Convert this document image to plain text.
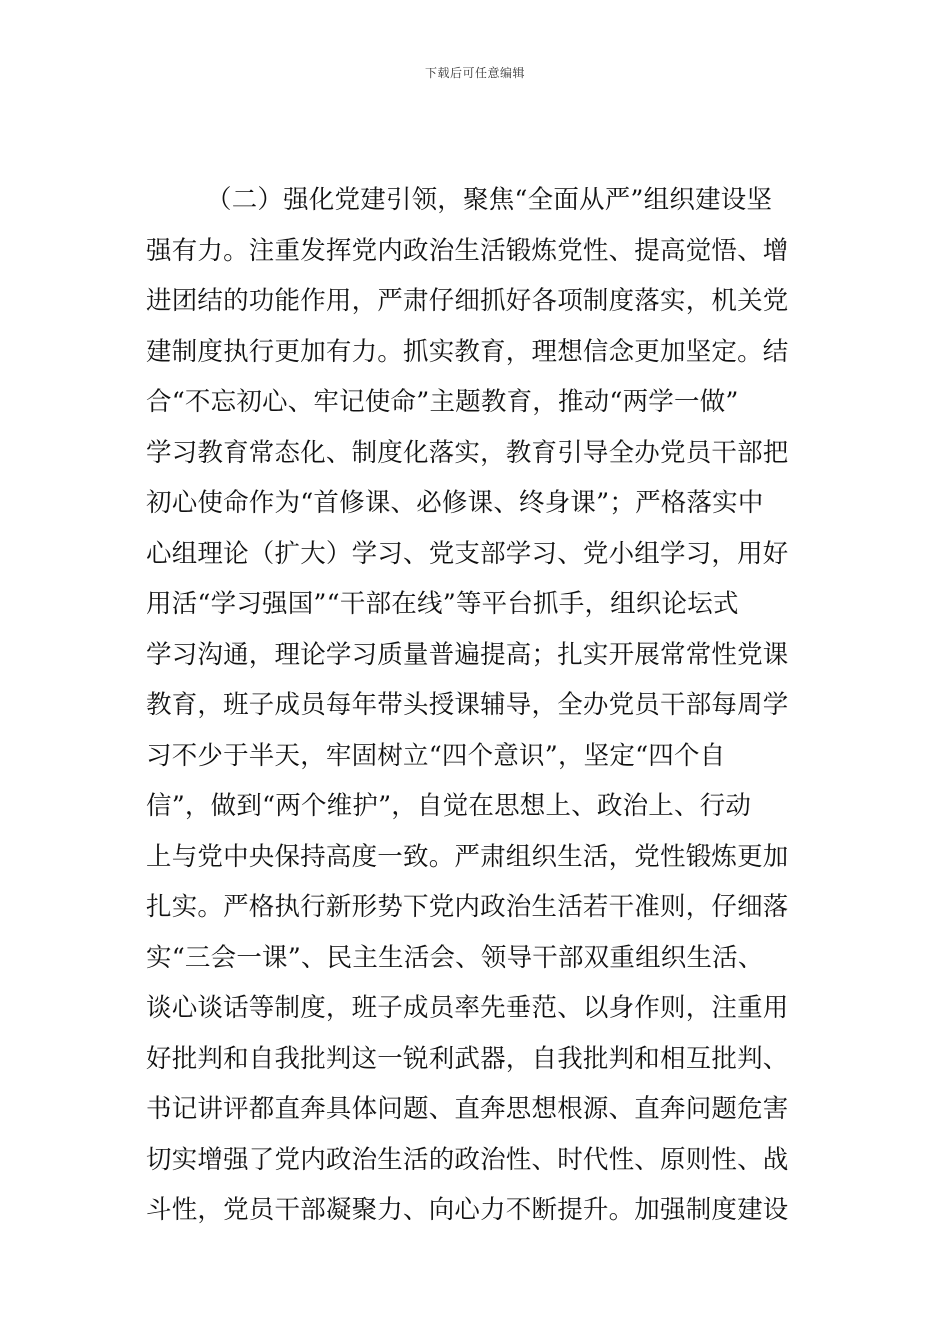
下载后可任意编辑
（二）强化党建引领，聚焦“全面从严”组织建设坚
强有力。注重发挥党内政治生活锻炼党性、提高觉悟、增
进团结的功能作用，严肃仔细抓好各项制度落实，机关党
建制度执行更加有力。抓实教育，理想信念更加坚定。结
合“不忘初心、牢记使命”主题教育，推动“两学一做”
学习教育常态化、制度化落实，教育引导全办党员干部把
初心使命作为“首修课、必修课、终身课”；严格落实中
心组理论（扩大）学习、党支部学习、党小组学习，用好
用活“学习强国”“干部在线”等平台抓手，组织论坛式
学习沟通，理论学习质量普遍提高；扎实开展常常性党课
教育，班子成员每年带头授课辅导，全办党员干部每周学
习不少于半天，牢固树立“四个意识”，坚定“四个自
信”，做到“两个维护”，自觉在思想上、政治上、行动
上与党中央保持高度一致。严肃组织生活，党性锻炼更加
扎实。严格执行新形势下党内政治生活若干准则，仔细落
实“三会一课”、民主生活会、领导干部双重组织生活、
谈心谈话等制度，班子成员率先垂范、以身作则，注重用
好批判和自我批判这一锐利武器，自我批判和相互批判、
书记讲评都直奔具体问题、直奔思想根源、直奔问题危害
切实增强了党内政治生活的政治性、时代性、原则性、战
斗性，党员干部凝聚力、向心力不断提升。加强制度建设
